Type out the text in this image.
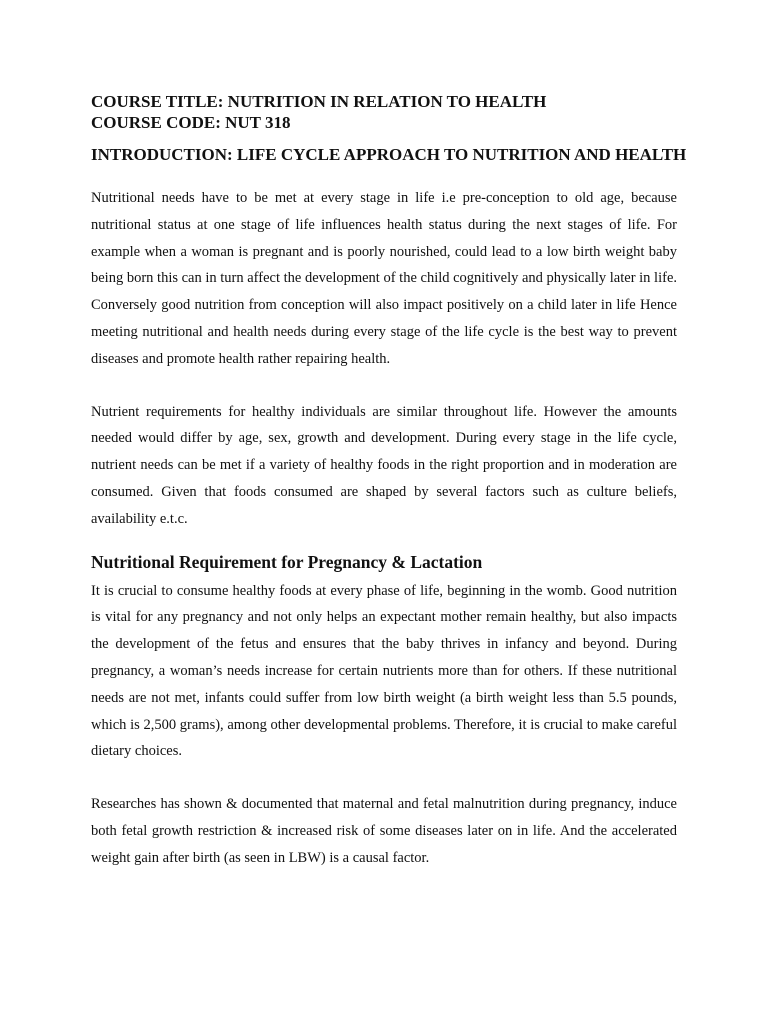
COURSE TITLE: NUTRITION IN RELATION TO HEALTH

COURSE CODE: NUT 318

INTRODUCTION: LIFE CYCLE APPROACH TO NUTRITION AND HEALTH

Nutritional needs have to be met at every stage in life i.e pre-conception to old age, because nutritional status at one stage of life influences health status during the next stages of life. For example when a woman is pregnant and is poorly nourished, could lead to a low birth weight baby being born this can in turn affect the development of the child cognitively and physically later in life. Conversely good nutrition from conception will also impact positively on a child later in life Hence meeting nutritional and health needs during every stage of the life cycle is the best way to prevent diseases and promote health rather repairing health.

Nutrient requirements for healthy individuals are similar throughout life. However the amounts needed would differ by age, sex, growth and development. During every stage in the life cycle, nutrient needs can be met if a variety of healthy foods in the right proportion and in moderation are consumed. Given that foods consumed are shaped by several factors such as culture beliefs, availability e.t.c.

Nutritional Requirement for Pregnancy & Lactation

It is crucial to consume healthy foods at every phase of life, beginning in the womb. Good nutrition is vital for any pregnancy and not only helps an expectant mother remain healthy, but also impacts the development of the fetus and ensures that the baby thrives in infancy and beyond. During pregnancy, a woman’s needs increase for certain nutrients more than for others. If these nutritional needs are not met, infants could suffer from low birth weight (a birth weight less than 5.5 pounds, which is 2,500 grams), among other developmental problems. Therefore, it is crucial to make careful dietary choices.

Researches has shown & documented that maternal and fetal malnutrition during pregnancy, induce both fetal growth restriction & increased risk of some diseases later on in life. And the accelerated weight gain after birth (as seen in LBW) is a causal factor.
